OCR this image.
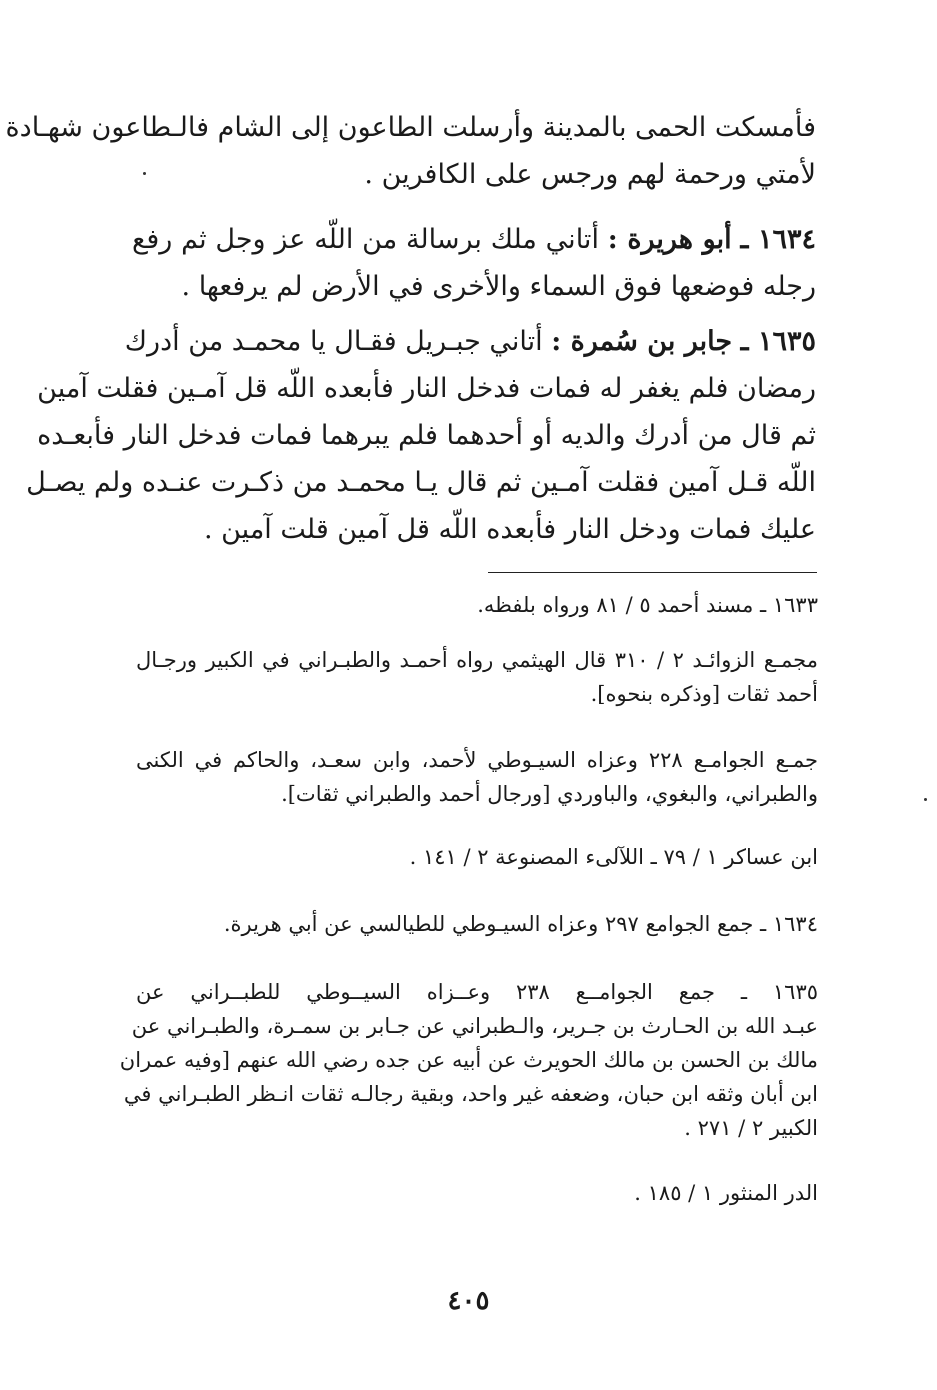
فأمسكت الحمى بالمدينة وأرسلت الطاعون إلى الشام فالـطاعون شهـادة
لأمتي ورحمة لهم ورجس على الكافرين .
١٦٣٤ ـ أبو هريرة : أتاني ملك برسالة من اللّه عز وجل ثم رفع
رجله فوضعها فوق السماء والأخرى في الأرض لم يرفعها .
١٦٣٥ ـ جابر بن سُمرة : أتاني جبـريل فقـال يا محمـد من أدرك
رمضان فلم يغفر له فمات فدخل النار فأبعده اللّه قل آمـين فقلت آمين
ثم قال من أدرك والديه أو أحدهما فلم يبرهما فمات فدخل النار فأبعـده
اللّه قـل آمين فقلت آمـين ثم قال يـا محمـد من ذكـرت عنـده ولم يصـل
عليك فمات ودخل النار فأبعده اللّه قل آمين قلت آمين .
١٦٣٣ ـ مسند أحمد ٥ / ٨١ ورواه بلفظه.
مجمـع الزوائـد ٢ / ٣١٠ قال الهيثمي رواه أحمـد والطبـراني في الكبير ورجـال
أحمد ثقات [وذكره بنحوه].
جمـع الجوامـع ٢٢٨ وعزاه السيـوطي لأحمد، وابن سعـد، والحاكم في الكنى
والطبراني، والبغوي، والباوردي [ورجال أحمد والطبراني ثقات].
ابن عساكر ١ / ٧٩ ـ اللآلىء المصنوعة ٢ / ١٤١ .
١٦٣٤ ـ جمع الجوامع ٢٩٧ وعزاه السيـوطي للطيالسي عن أبي هريرة.
١٦٣٥ ـ جمع الجوامــع ٢٣٨ وعــزاه السيــوطي للطبــراني عن
عبـد الله بن الحـارث بن جـرير، والـطبراني عن جـابر بن سمـرة، والطبـراني عن
مالك بن الحسن بن مالك الحويرث عن أبيه عن جده رضي الله عنهم [وفيه عمران
ابن أبان وثقه ابن حبان، وضعفه غير واحد، وبقية رجالـه ثقات انـظر الطبـراني في
الكبير ٢ / ٢٧١ .
الدر المنثور ١ / ١٨٥ .
٤٠٥
